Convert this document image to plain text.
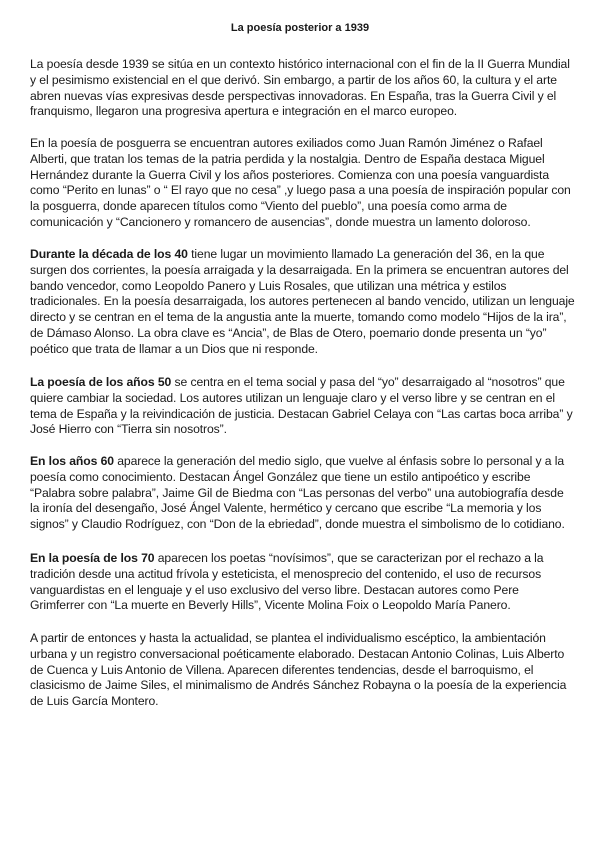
La poesía posterior a 1939

La poesía desde 1939 se sitúa en un contexto histórico internacional con el fin de la II Guerra Mundial y el pesimismo existencial en el que derivó. Sin embargo, a partir de los años 60, la cultura y el arte abren nuevas vías expresivas desde perspectivas innovadoras. En España, tras la Guerra Civil y el franquismo, llegaron una progresiva apertura e integración en el marco europeo.

En la poesía de posguerra se encuentran autores exiliados como Juan Ramón Jiménez o Rafael Alberti, que tratan los temas de la patria perdida y la nostalgia. Dentro de España destaca Miguel Hernández durante la Guerra Civil y los años posteriores. Comienza con una poesía vanguardista como “Perito en lunas” o “ El rayo que no cesa” ,y luego pasa a una poesía de inspiración popular con la posguerra, donde aparecen títulos como “Viento del pueblo”, una poesía como arma de comunicación y “Cancionero y romancero de ausencias”, donde muestra un lamento doloroso.

Durante la década de los 40 tiene lugar un movimiento llamado La generación del 36, en la que surgen dos corrientes, la poesía arraigada y la desarraigada. En la primera se encuentran autores del bando vencedor, como Leopoldo Panero y Luis Rosales, que utilizan una métrica y estilos tradicionales. En la poesía desarraigada, los autores pertenecen al bando vencido, utilizan un lenguaje directo y se centran en el tema de la angustia ante la muerte, tomando como modelo “Hijos de la ira”, de Dámaso Alonso. La obra clave es “Ancia”, de Blas de Otero, poemario donde presenta un “yo” poético que trata de llamar a un Dios que ni responde.

La poesía de los años 50 se centra en el tema social y pasa del “yo” desarraigado al “nosotros” que quiere cambiar la sociedad. Los autores utilizan un lenguaje claro y el verso libre y se centran en el tema de España y la reivindicación de justicia. Destacan Gabriel Celaya con “Las cartas boca arriba” y José Hierro con “Tierra sin nosotros”.

En los años 60 aparece la generación del medio siglo, que vuelve al énfasis sobre lo personal y a la poesía como conocimiento. Destacan Ángel González que tiene un estilo antipoético y escribe “Palabra sobre palabra”, Jaime Gil de Biedma con “Las personas del verbo” una autobiografía desde la ironía del desengaño, José Ángel Valente, hermético y cercano que escribe “La memoria y los signos” y Claudio Rodríguez, con “Don de la ebriedad”, donde muestra el simbolismo de lo cotidiano.

En la poesía de los 70 aparecen los poetas “novísimos”, que se caracterizan por el rechazo a la tradición desde una actitud frívola y esteticista, el menosprecio del contenido, el uso de recursos vanguardistas en el lenguaje y el uso exclusivo del verso libre. Destacan autores como Pere Grimferrer con “La muerte en Beverly Hills”, Vicente Molina Foix o Leopoldo María Panero.

A partir de entonces y hasta la actualidad, se plantea el individualismo escéptico, la ambientación urbana y un registro conversacional poéticamente elaborado. Destacan Antonio Colinas, Luis Alberto de Cuenca y Luis Antonio de Villena. Aparecen diferentes tendencias, desde el barroquismo, el clasicismo de Jaime Siles, el minimalismo de Andrés Sánchez Robayna o la poesía de la experiencia de Luis García Montero.
